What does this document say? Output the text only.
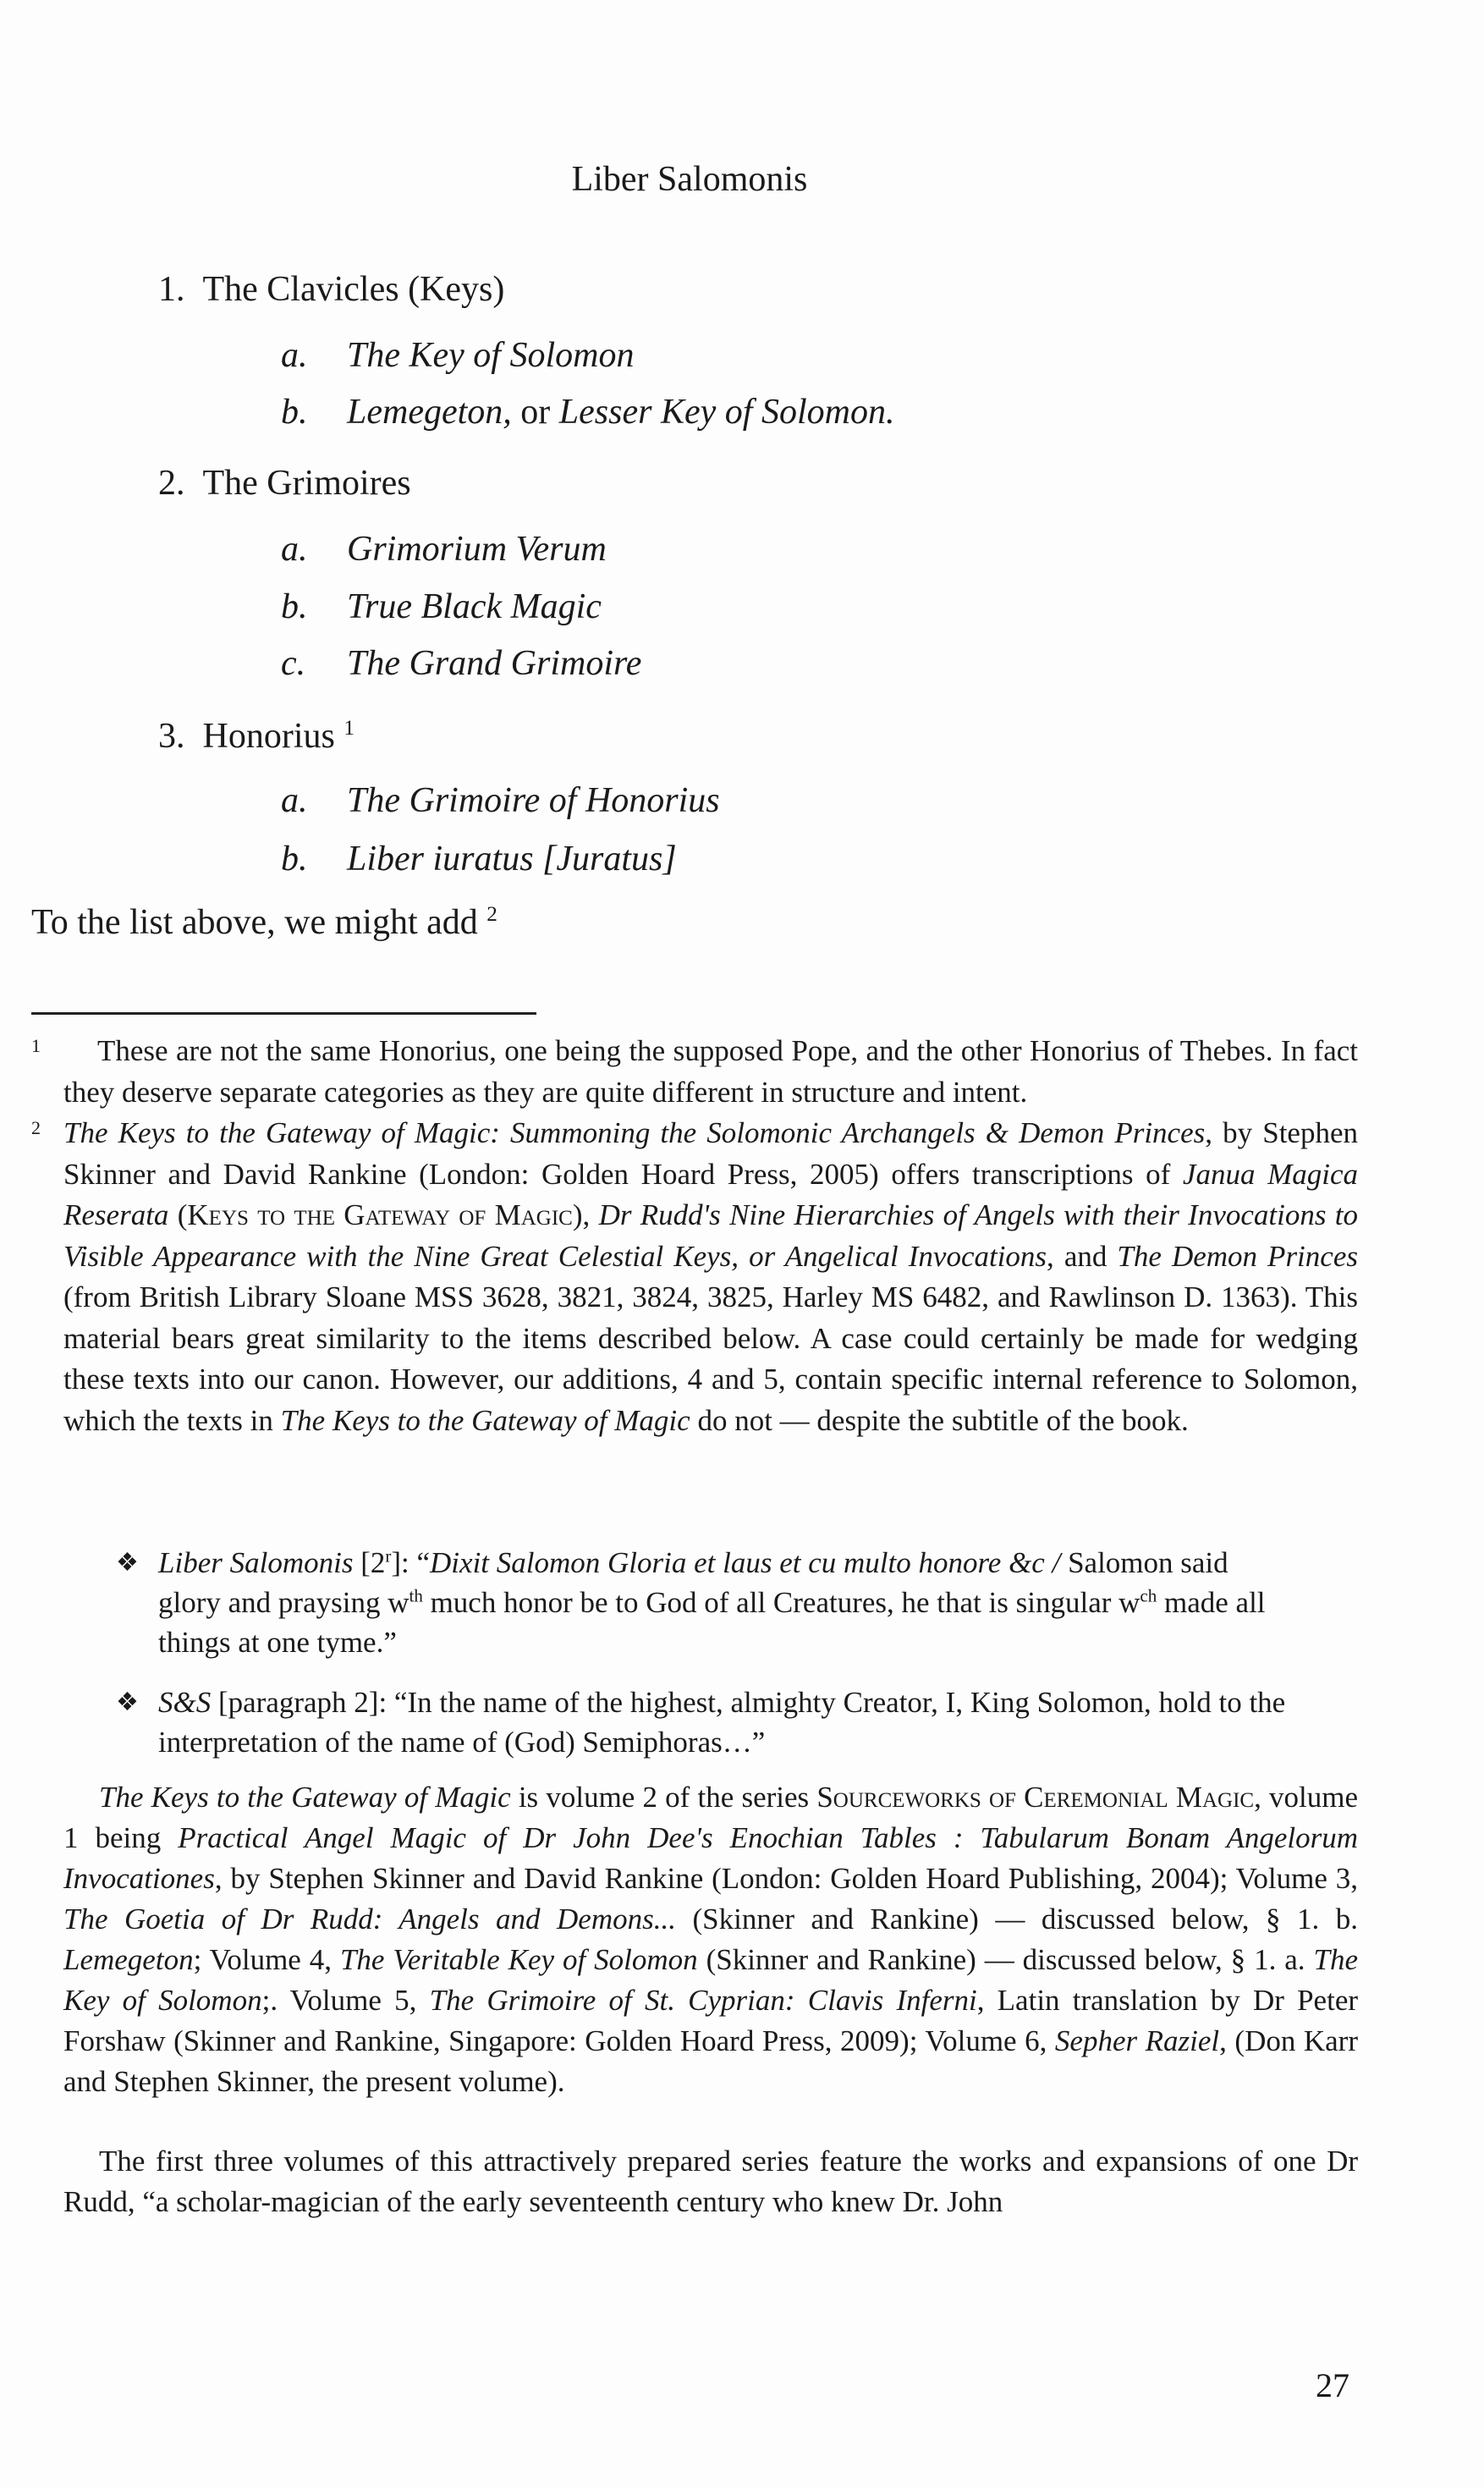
Liber Salomonis
1. The Clavicles (Keys)
a. The Key of Solomon
b. Lemegeton, or Lesser Key of Solomon.
2. The Grimoires
a. Grimorium Verum
b. True Black Magic
c. The Grand Grimoire
3. Honorius $^1$
a. The Grimoire of Honorius
b. Liber iuratus [Juratus]
To the list above, we might add $^2$
1	These are not the same Honorius, one being the supposed Pope, and the other Honorius of Thebes. In fact they deserve separate categories as they are quite different in structure and intent.
2 The Keys to the Gateway of Magic: Summoning the Solomonic Archangels & Demon Princes, by Stephen Skinner and David Rankine (London: Golden Hoard Press, 2005) offers transcriptions of Janua Magica Reserata (Keys to the Gateway of Magic), Dr Rudd's Nine Hierarchies of Angels with their Invocations to Visible Appearance with the Nine Great Celestial Keys, or Angelical Invocations, and The Demon Princes (from British Library Sloane MSS 3628, 3821, 3824, 3825, Harley MS 6482, and Rawlinson D. 1363). This material bears great similarity to the items described below. A case could certainly be made for wedging these texts into our canon. However, our additions, 4 and 5, contain specific internal reference to Solomon, which the texts in The Keys to the Gateway of Magic do not — despite the subtitle of the book.
❖ Liber Salomonis [2$^r$]: “Dixit Salomon Gloria et laus et cu multo honore &c / Salomon said glory and praysing $w^{th}$ much honor be to God of all Creatures, he that is singular $w^{ch}$ made all things at one tyme.”
❖ S&S [paragraph 2]: “In the name of the highest, almighty Creator, I, King Solomon, hold to the interpretation of the name of (God) Semiphoras…”
The Keys to the Gateway of Magic is volume 2 of the series Sourceworks of Ceremonial Magic, volume 1 being Practical Angel Magic of Dr John Dee's Enochian Tables : Tabularum Bonam Angelorum Invocationes, by Stephen Skinner and David Rankine (London: Golden Hoard Publishing, 2004); Volume 3, The Goetia of Dr Rudd: Angels and Demons... (Skinner and Rankine) — discussed below, § 1. b. Lemegeton; Volume 4, The Veritable Key of Solomon (Skinner and Rankine) — discussed below, § 1. a. The Key of Solomon;. Volume 5, The Grimoire of St. Cyprian: Clavis Inferni, Latin translation by Dr Peter Forshaw (Skinner and Rankine, Singapore: Golden Hoard Press, 2009); Volume 6, Sepher Raziel, (Don Karr and Stephen Skinner, the present volume).
The first three volumes of this attractively prepared series feature the works and expansions of one Dr Rudd, “a scholar-magician of the early seventeenth century who knew Dr. John
27
